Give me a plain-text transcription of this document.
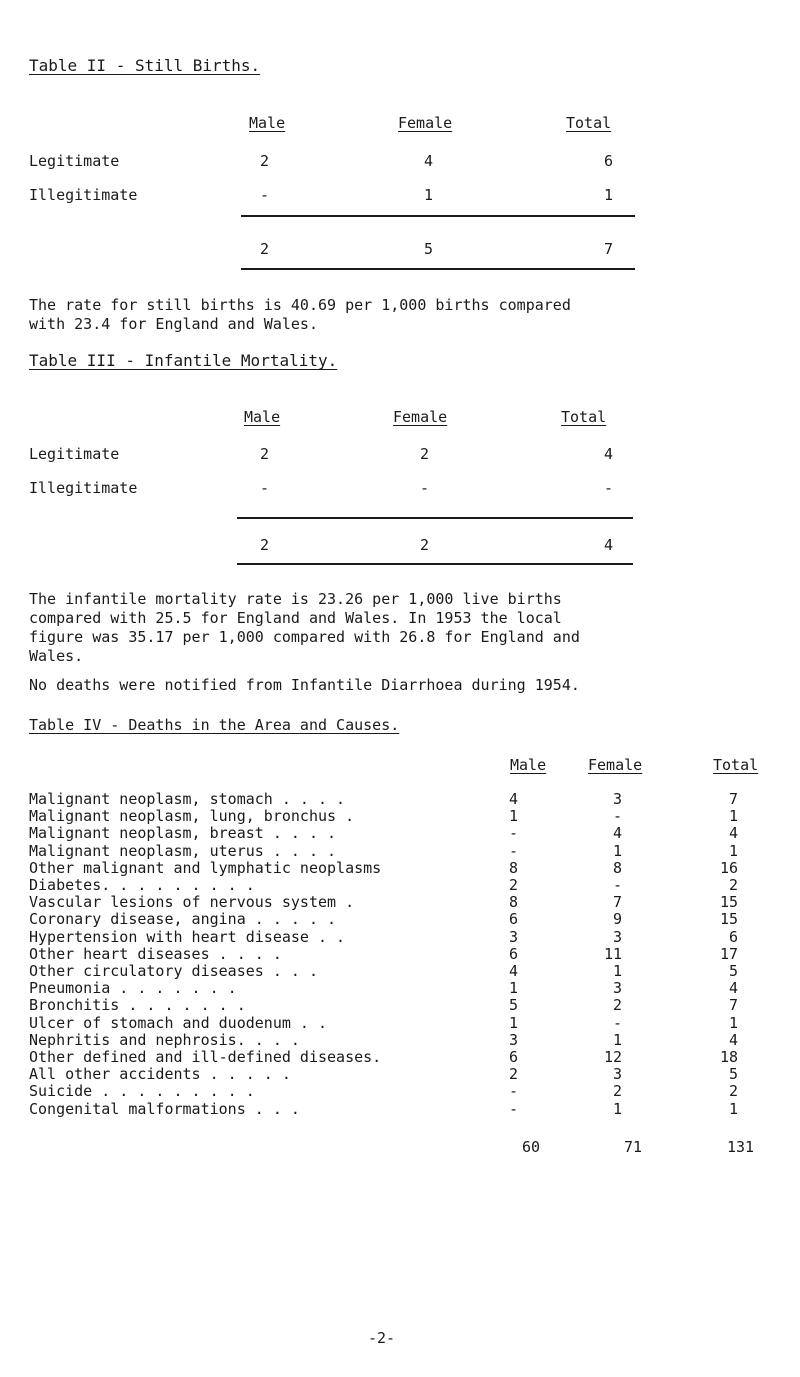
Table II - Still Births.
Male	Female	Total
Legitimate	2	4	6
Illegitimate	-	1	1
2	5	7
The rate for still births is 40.69 per 1,000 births compared
with 23.4 for England and Wales.
Table III - Infantile Mortality.
Male	Female	Total
Legitimate	2	2	4
Illegitimate	-	-	-
2	2	4
The infantile mortality rate is 23.26 per 1,000 live births
compared with 25.5 for England and Wales. In 1953 the local
figure was 35.17 per 1,000 compared with 26.8 for England and
Wales.
No deaths were notified from Infantile Diarrhoea during 1954.
Table IV - Deaths in the Area and Causes.
Male	Female	Total
Malignant neoplasm, stomach . . . .	4	3	7
Malignant neoplasm, lung, bronchus .	1	-	1
Malignant neoplasm, breast . . . .	-	4	4
Malignant neoplasm, uterus . . . .	-	1	1
Other malignant and lymphatic neoplasms	8	8	16
Diabetes. . . . . . . . .	2	-	2
Vascular lesions of nervous system .	8	7	15
Coronary disease, angina . . . . .	6	9	15
Hypertension with heart disease . .	3	3	6
Other heart diseases . . . .	6	11	17
Other circulatory diseases . . .	4	1	5
Pneumonia . . . . . . .	1	3	4
Bronchitis . . . . . . .	5	2	7
Ulcer of stomach and duodenum . .	1	-	1
Nephritis and nephrosis. . . .	3	1	4
Other defined and ill-defined diseases.	6	12	18
All other accidents . . . . .	2	3	5
Suicide . . . . . . . . .	-	2	2
Congenital malformations . . .	-	1	1
60	71	131
-2-
